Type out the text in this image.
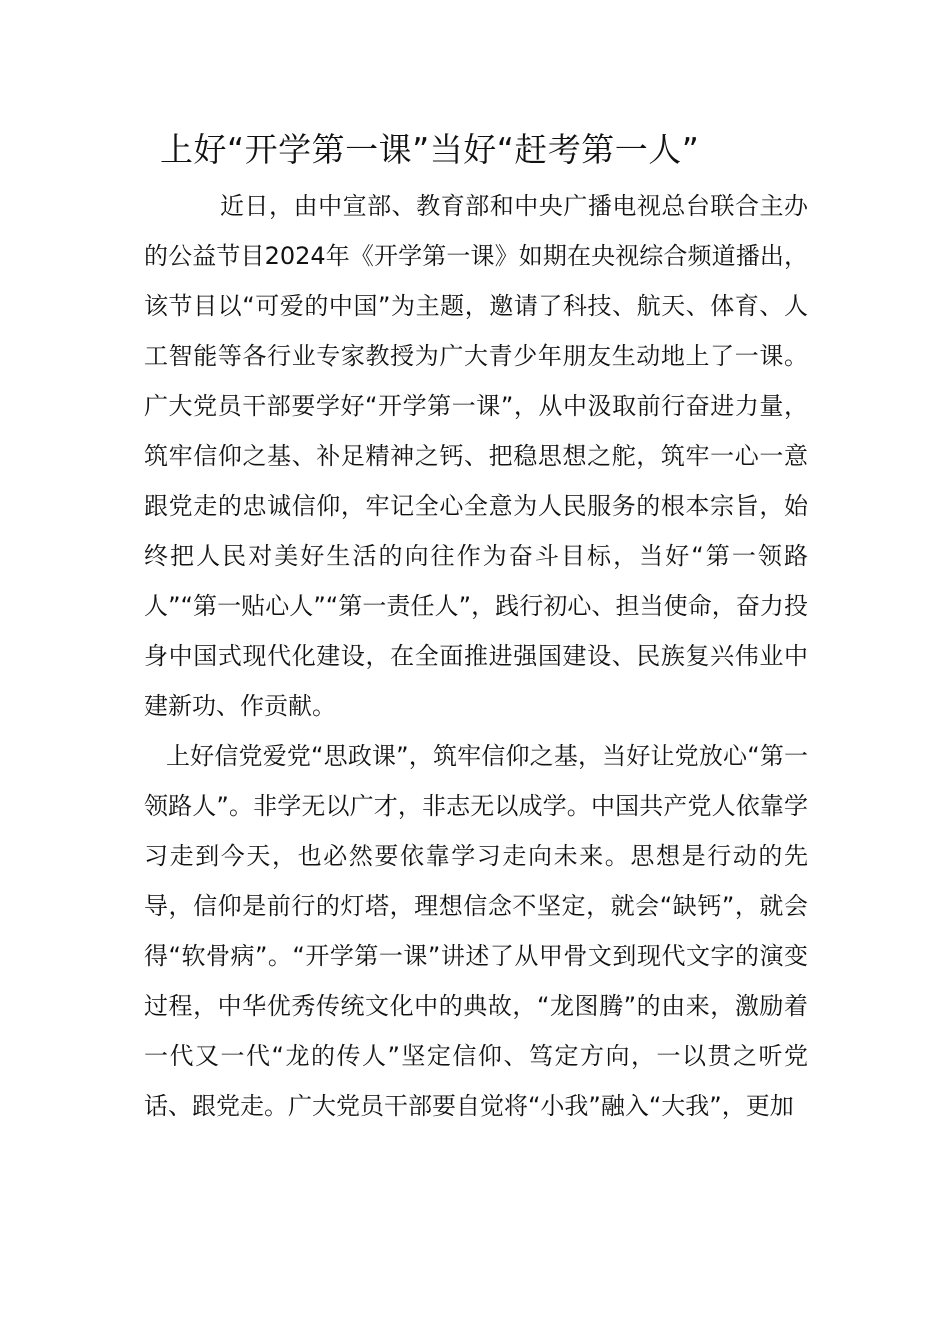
上好“开学第一课”当好“赶考第一人”

近日，由中宣部、教育部和中央广播电视总台联合主办的公益节目2024年《开学第一课》如期在央视综合频道播出，该节目以“可爱的中国”为主题，邀请了科技、航天、体育、人工智能等各行业专家教授为广大青少年朋友生动地上了一课。广大党员干部要学好“开学第一课”，从中汲取前行奋进力量，筑牢信仰之基、补足精神之钙、把稳思想之舵，筑牢一心一意跟党走的忠诚信仰，牢记全心全意为人民服务的根本宗旨，始终把人民对美好生活的向往作为奋斗目标，当好“第一领路人”“第一贴心人”“第一责任人”，践行初心、担当使命，奋力投身中国式现代化建设，在全面推进强国建设、民族复兴伟业中建新功、作贡献。

上好信党爱党“思政课”，筑牢信仰之基，当好让党放心“第一领路人”。非学无以广才，非志无以成学。中国共产党人依靠学习走到今天，也必然要依靠学习走向未来。思想是行动的先导，信仰是前行的灯塔，理想信念不坚定，就会“缺钙”，就会得“软骨病”。“开学第一课”讲述了从甲骨文到现代文字的演变过程，中华优秀传统文化中的典故，“龙图腾”的由来，激励着一代又一代“龙的传人”坚定信仰、笃定方向，一以贯之听党话、跟党走。广大党员干部要自觉将“小我”融入“大我”，更加
